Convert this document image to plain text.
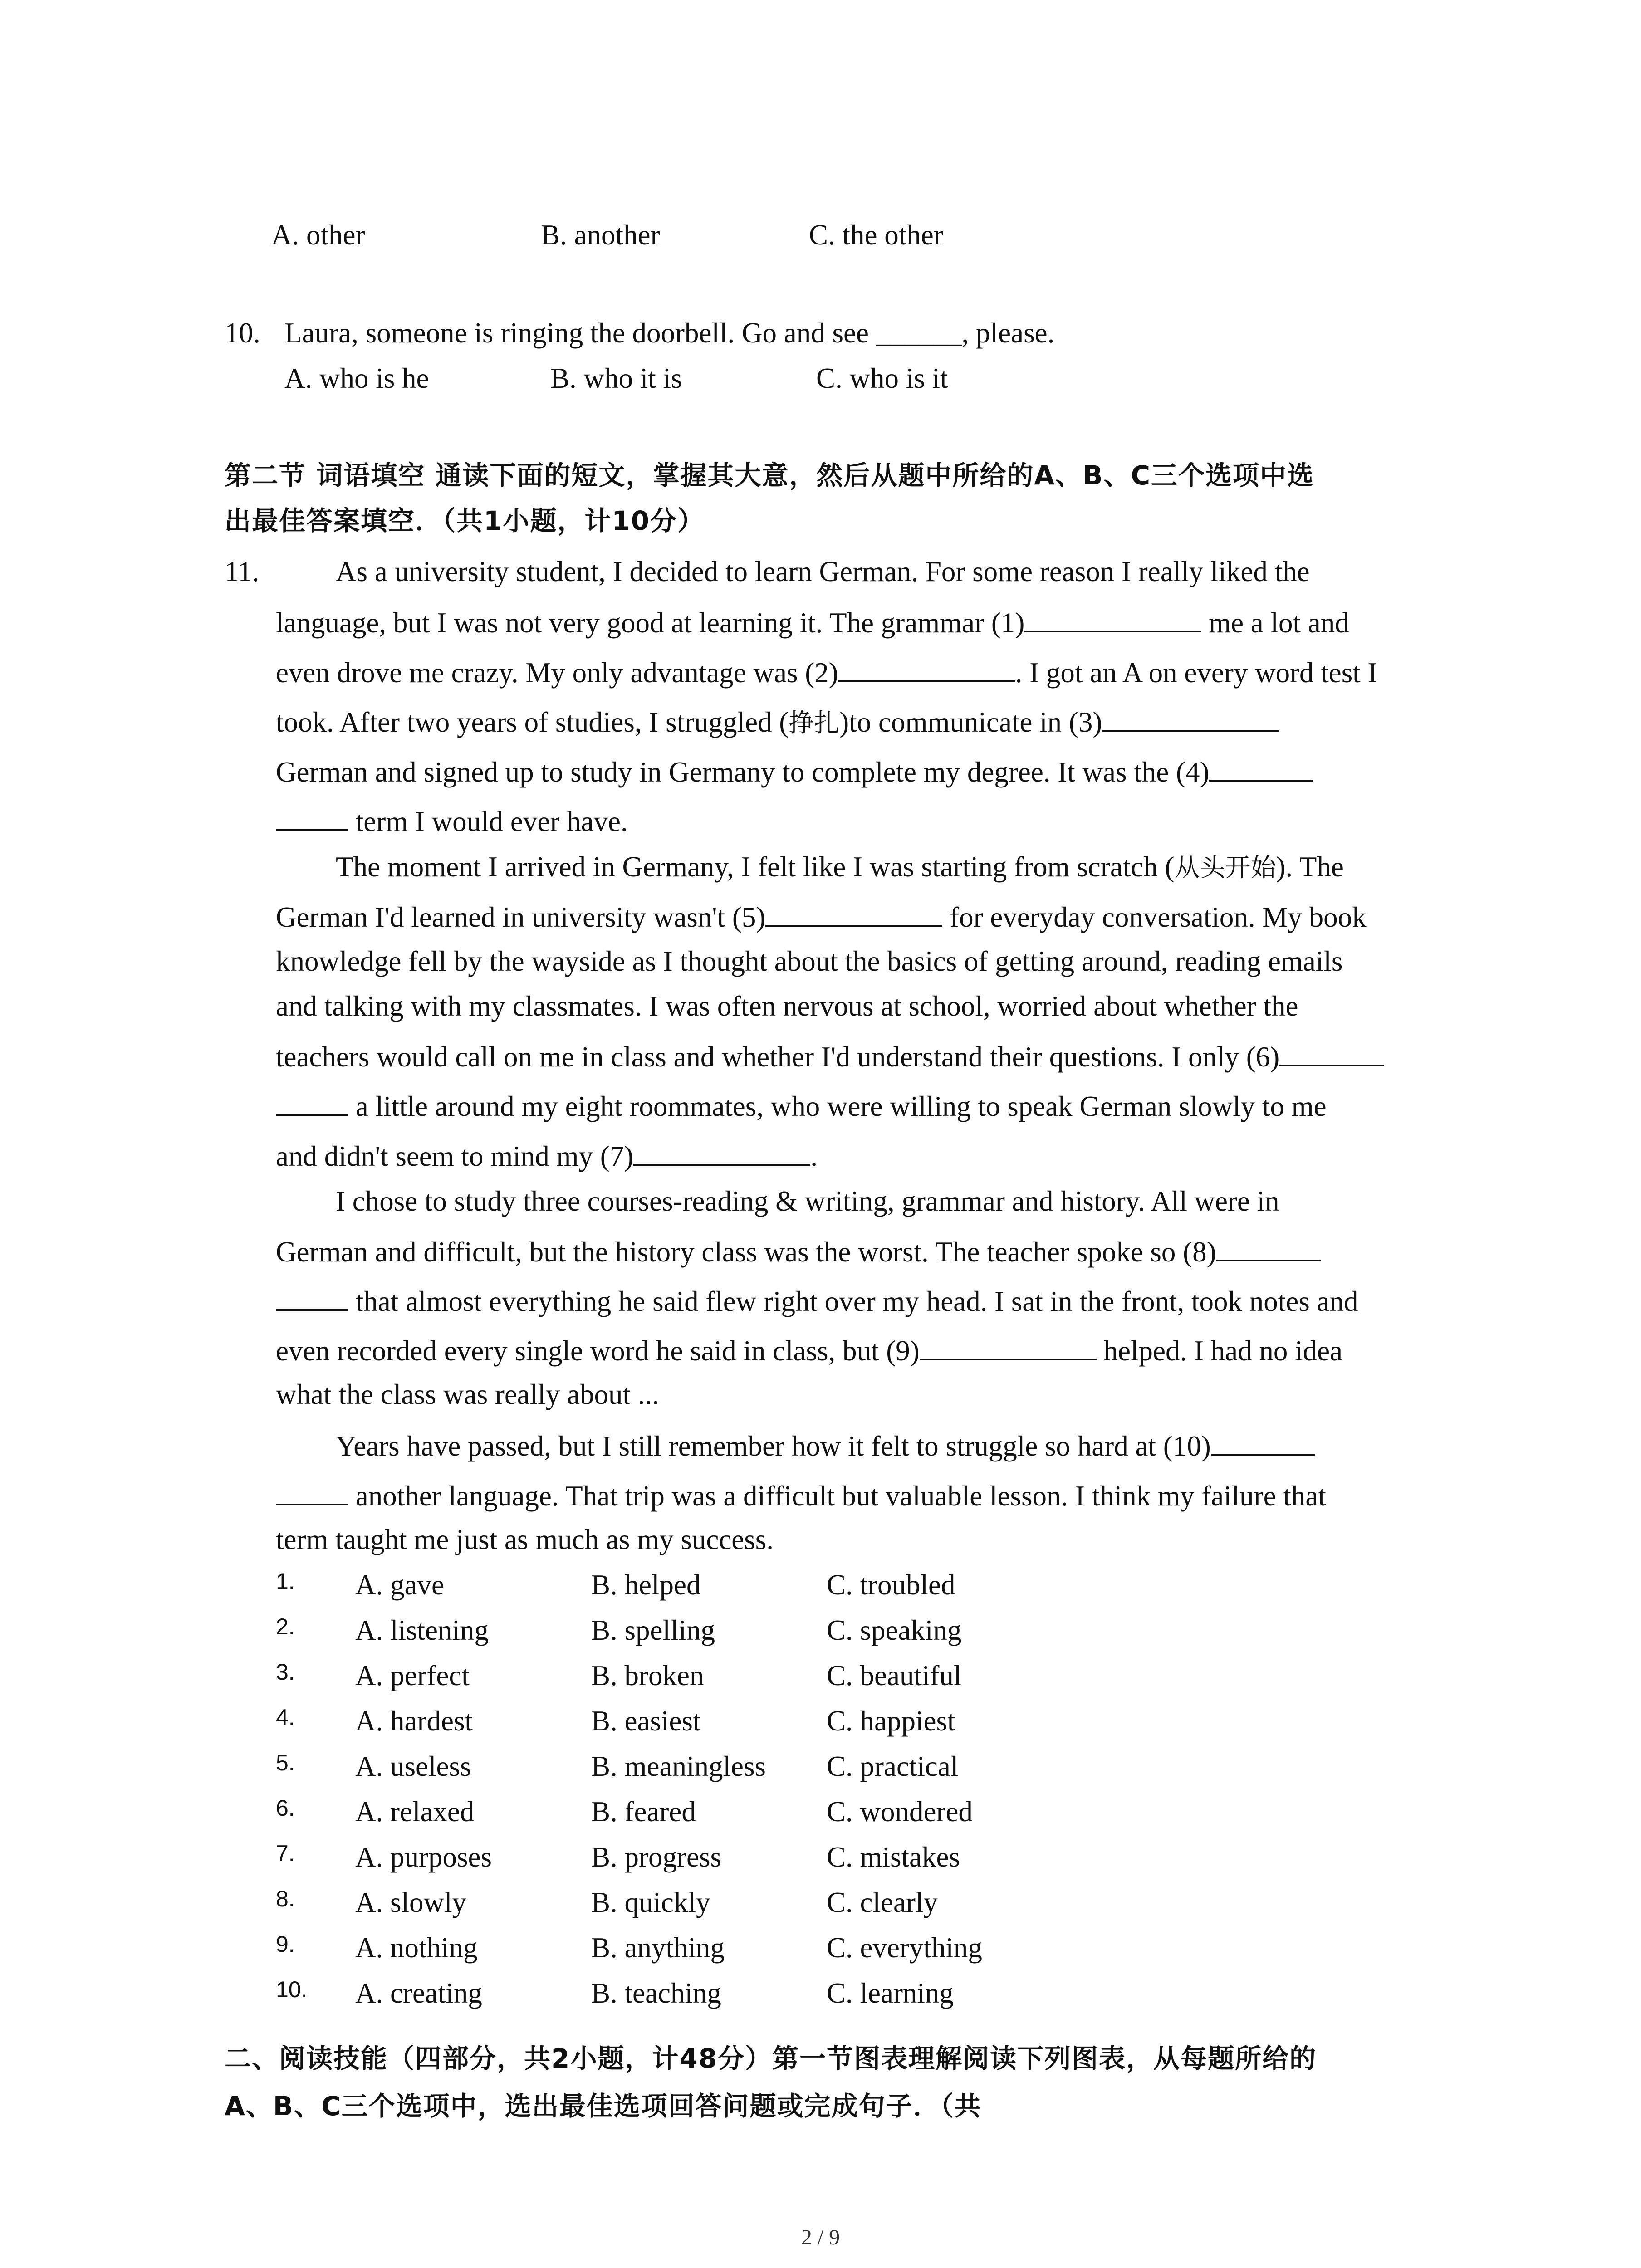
A. other	B. another	C. the other
10. Laura, someone is ringing the doorbell. Go and see ______, please.
A. who is he	B. who it is	C. who is it
第二节 词语填空 通读下面的短文，掌握其大意，然后从题中所给的A、B、C三个选项中选
出最佳答案填空．（共1小题，计10分）
11.	As a university student, I decided to learn German. For some reason I really liked the
language, but I was not very good at learning it. The grammar (1)	me a lot and
even drove me crazy. My only advantage was (2)	. I got an A on every word test I
took. After two years of studies, I struggled (挣扎)to communicate in (3)
German and signed up to study in Germany to complete my degree. It was the (4)
term I would ever have.
The moment I arrived in Germany, I felt like I was starting from scratch (从头开始). The
German I'd learned in university wasn't (5)	for everyday conversation. My book
knowledge fell by the wayside as I thought about the basics of getting around, reading emails
and talking with my classmates. I was often nervous at school, worried about whether the
teachers would call on me in class and whether I'd understand their questions. I only (6)
a little around my eight roommates, who were willing to speak German slowly to me
and didn't seem to mind my (7)	.
I chose to study three courses-reading & writing, grammar and history. All were in
German and difficult, but the history class was the worst. The teacher spoke so (8)
that almost everything he said flew right over my head. I sat in the front, took notes and
even recorded every single word he said in class, but (9)	helped. I had no idea
what the class was really about ...
Years have passed, but I still remember how it felt to struggle so hard at (10)
another language. That trip was a difficult but valuable lesson. I think my failure that
term taught me just as much as my success.
1. A. gave	B. helped	C. troubled
2. A. listening	B. spelling	C. speaking
3. A. perfect	B. broken	C. beautiful
4. A. hardest	B. easiest	C. happiest
5. A. useless	B. meaningless C. practical
6. A. relaxed	B. feared	C. wondered
7. A. purposes	B. progress	C. mistakes
8. A. slowly	B. quickly	C. clearly
9. A. nothing	B. anything	C. everything
10. A. creating	B. teaching	C. learning
二、阅读技能（四部分，共2小题，计48分）第一节图表理解阅读下列图表，从每题所给的
A、B、C三个选项中，选出最佳选项回答问题或完成句子．（共
2 / 9
